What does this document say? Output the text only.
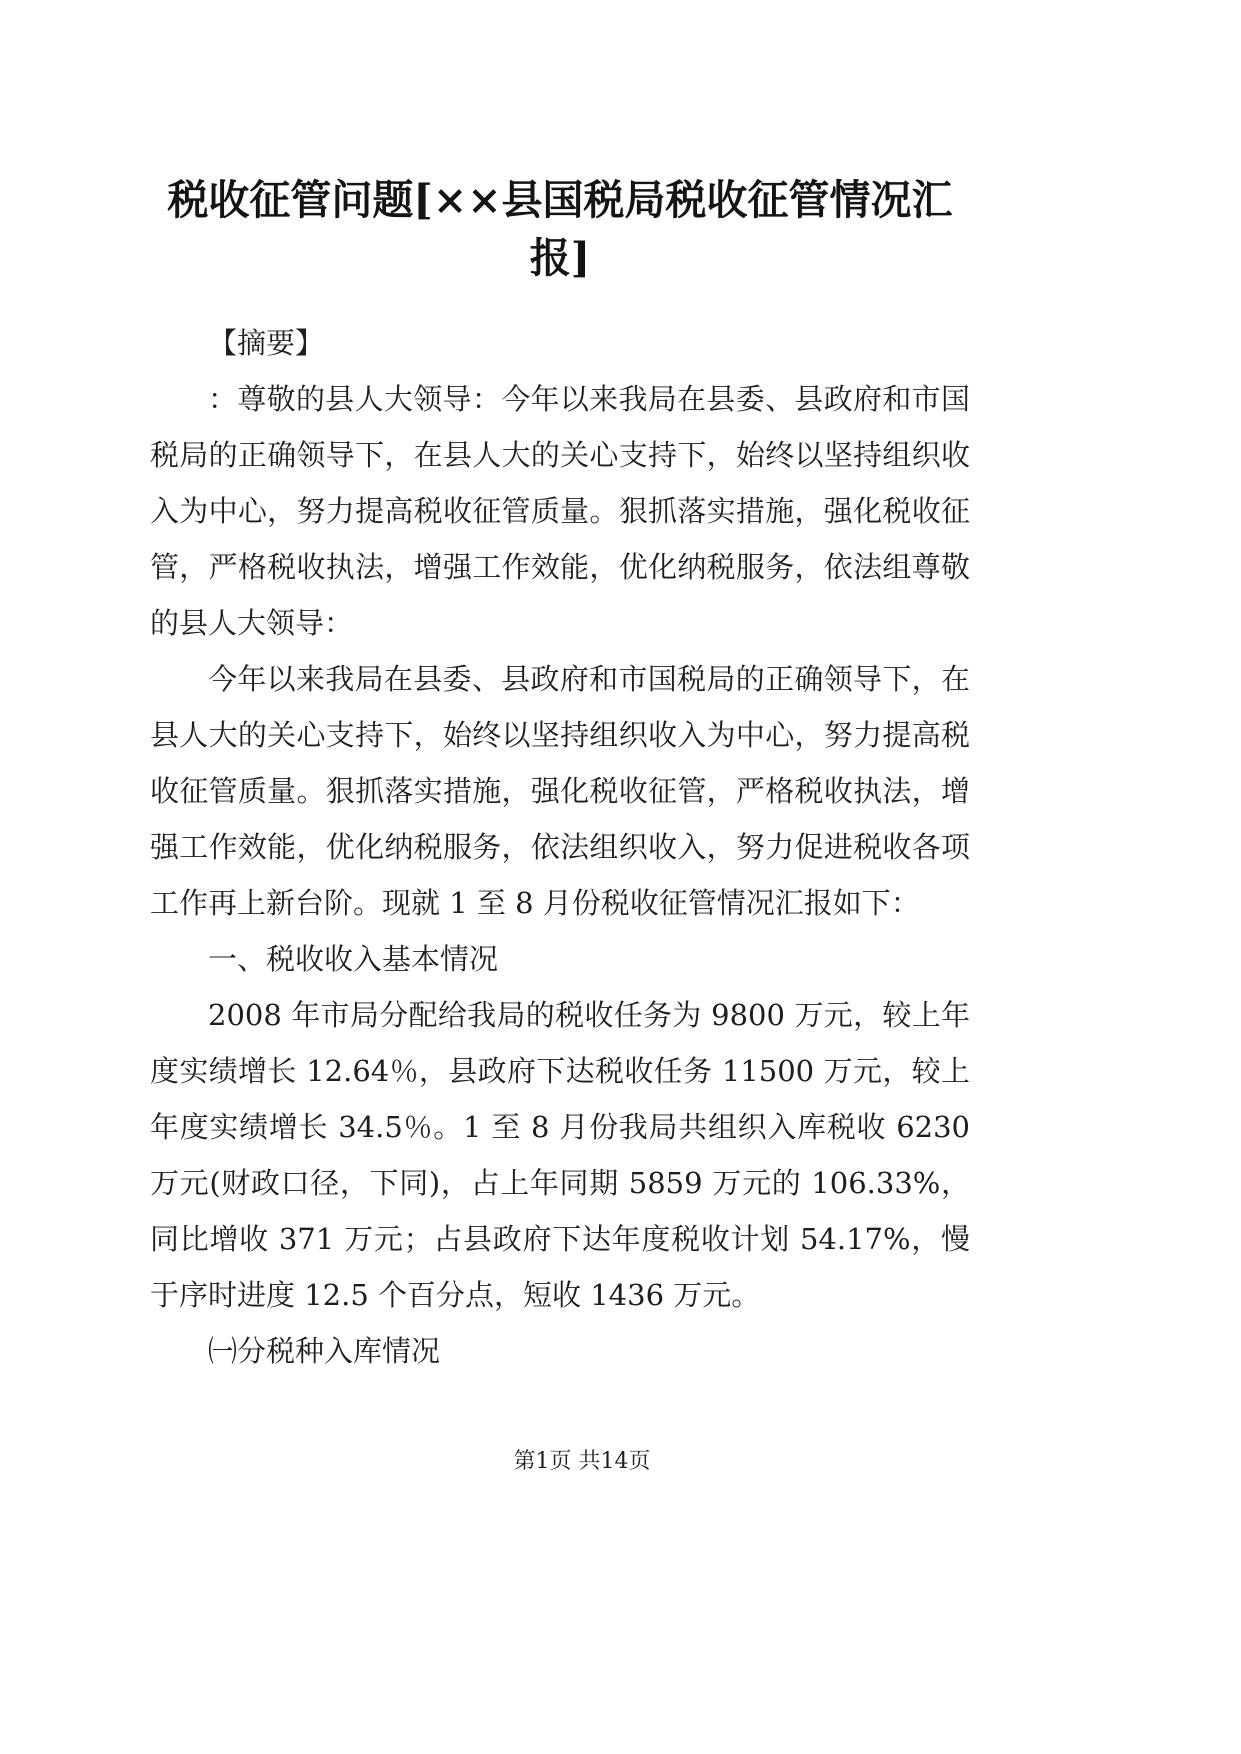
税收征管问题[××县国税局税收征管情况汇报]

【摘要】

：尊敬的县人大领导：今年以来我局在县委、县政府和市国税局的正确领导下，在县人大的关心支持下，始终以坚持组织收入为中心，努力提高税收征管质量。狠抓落实措施，强化税收征管，严格税收执法，增强工作效能，优化纳税服务，依法组尊敬的县人大领导：

今年以来我局在县委、县政府和市国税局的正确领导下，在县人大的关心支持下，始终以坚持组织收入为中心，努力提高税收征管质量。狠抓落实措施，强化税收征管，严格税收执法，增强工作效能，优化纳税服务，依法组织收入，努力促进税收各项工作再上新台阶。现就 1 至 8 月份税收征管情况汇报如下：

一、税收收入基本情况

2008 年市局分配给我局的税收任务为 9800 万元，较上年度实绩增长 12.64％，县政府下达税收任务 11500 万元，较上年度实绩增长 34.5％。1 至 8 月份我局共组织入库税收 6230 万元(财政口径，下同)，占上年同期 5859 万元的 106.33%，同比增收 371 万元；占县政府下达年度税收计划 54.17%，慢于序时进度 12.5 个百分点，短收 1436 万元。

㈠分税种入库情况

第1页 共14页
